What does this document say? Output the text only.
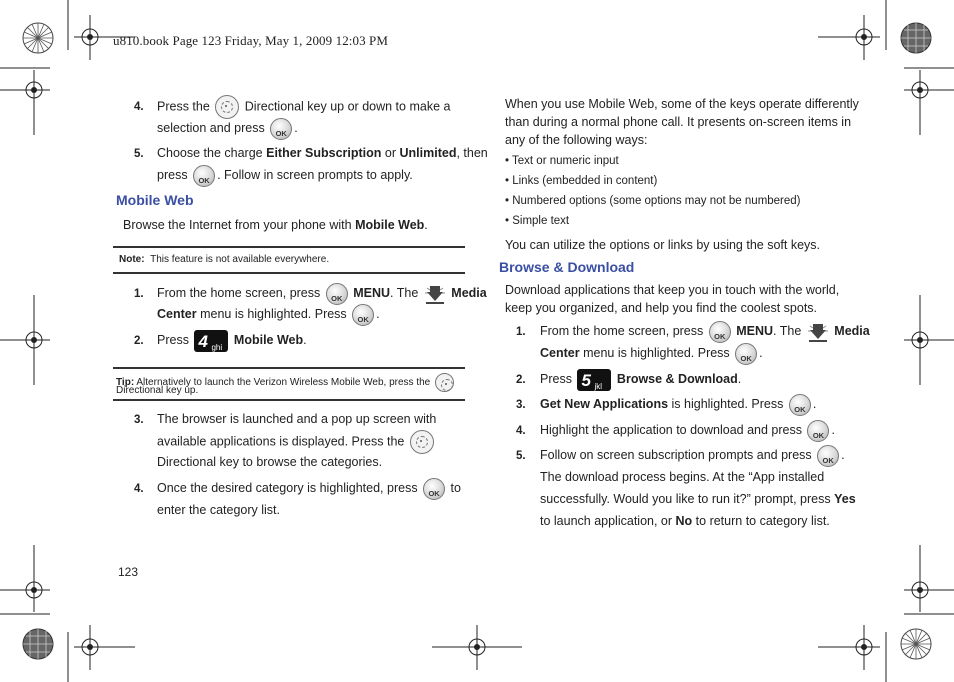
u810.book Page 123 Friday, May 1, 2009 12:03 PM
4. Press the	Directional key up or down to make a
selection and press OK .
5. Choose the charge Either Subscription or Unlimited, then
press OK . Follow in screen prompts to apply.
Mobile Web
Browse the Internet from your phone with Mobile Web.
Note: This feature is not available everywhere.
1. From the home screen, press OK	MENU. The	Media
Center menu is highlighted. Press OK .
2. Press 4 ghi
Mobile Web.
Tip: Alternatively to launch the Verizon Wireless Mobile Web, press the
Directional key up.
3. The browser is launched and a pop up screen with
available applications is displayed. Press the
Directional key to browse the categories.
4. Once the desired category is highlighted, press OK	to
enter the category list.
123
When you use Mobile Web, some of the keys operate differently
than during a normal phone call. It presents on-screen items in
any of the following ways:
• Text or numeric input
• Links (embedded in content)
• Numbered options (some options may not be numbered)
• Simple text
You can utilize the options or links by using the soft keys.
Browse & Download
Download applications that keep you in touch with the world,
keep you organized, and help you find the coolest spots.
1. From the home screen, press OK	MENU. The	Media
Center menu is highlighted. Press OK .
2. Press 5 jkl
Browse & Download.
3. Get New Applications is highlighted. Press OK .
4. Highlight the application to download and press OK .
5. Follow on screen subscription prompts and press OK .
The download process begins. At the “App installed
successfully. Would you like to run it?” prompt, press Yes
to launch application, or No to return to category list.
